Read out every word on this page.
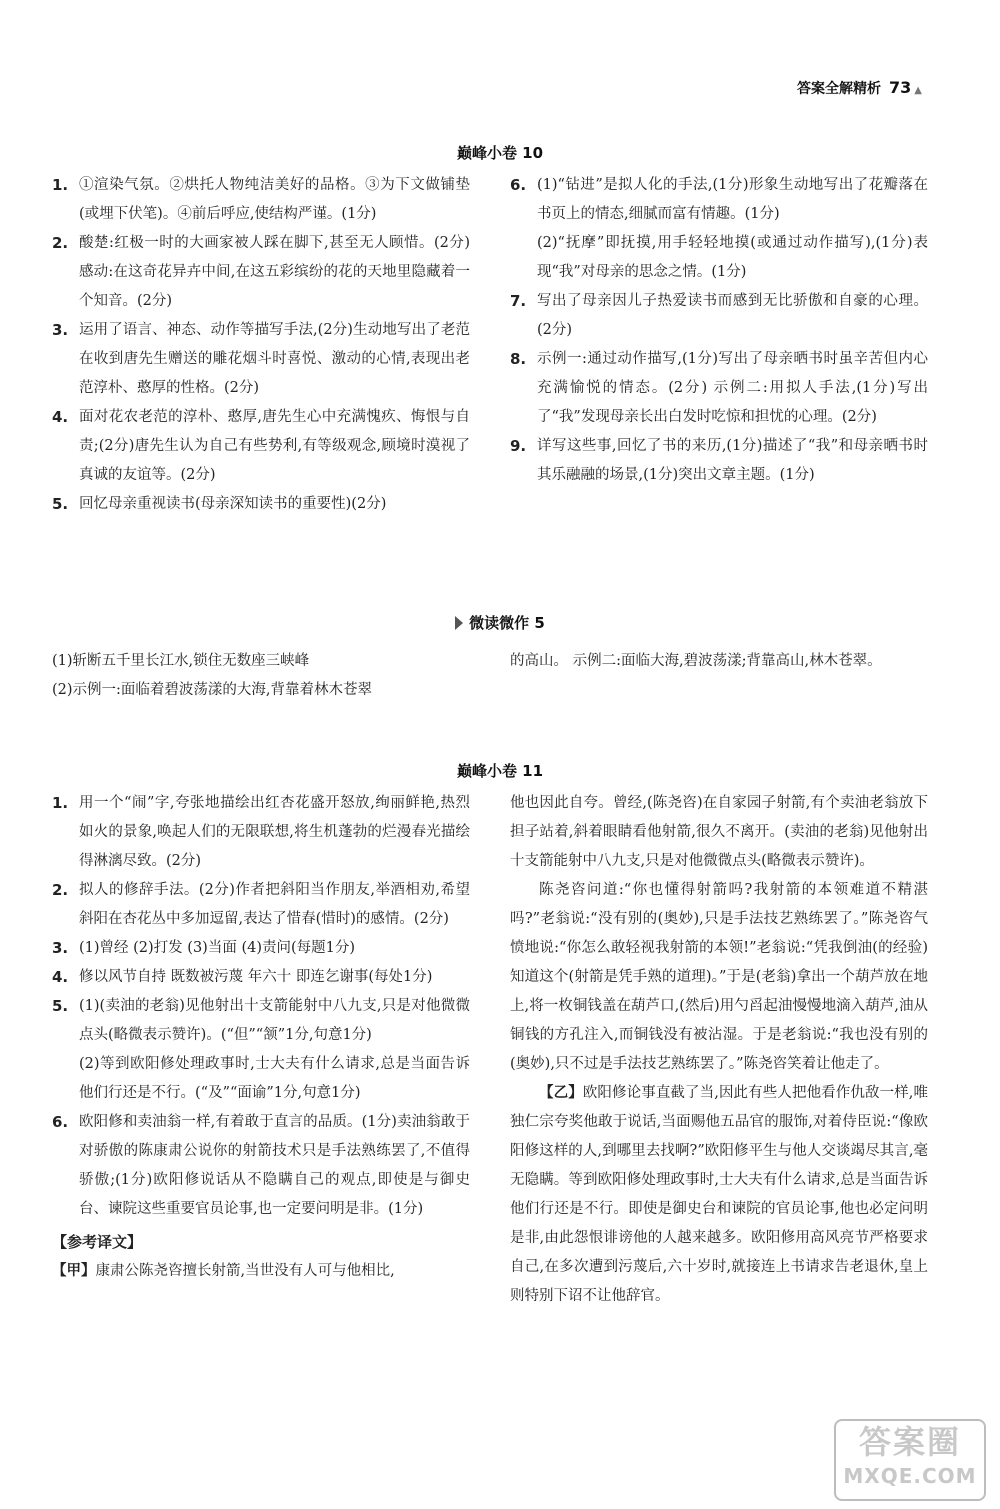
答案全解精析 73 ▲
巅峰小卷 10
1. ①渲染气氛。②烘托人物纯洁美好的品格。③为下文做铺垫(或埋下伏笔)。④前后呼应,使结构严谨。(1分)
2. 酸楚:红极一时的大画家被人踩在脚下,甚至无人顾惜。(2分)感动:在这奇花异卉中间,在这五彩缤纷的花的天地里隐藏着一个知音。(2分)
3. 运用了语言、神态、动作等描写手法,(2分)生动地写出了老范在收到唐先生赠送的雕花烟斗时喜悦、激动的心情,表现出老范淳朴、憨厚的性格。(2分)
4. 面对花农老范的淳朴、憨厚,唐先生心中充满愧疚、悔恨与自责;(2分)唐先生认为自己有些势利,有等级观念,顾境时漠视了真诚的友谊等。(2分)
5. 回忆母亲重视读书(母亲深知读书的重要性)(2分)
6. (1)“钻进”是拟人化的手法,(1分)形象生动地写出了花瓣落在书页上的情态,细腻而富有情趣。(1分)
(2)“抚摩”即抚摸,用手轻轻地摸(或通过动作描写),(1分)表现“我”对母亲的思念之情。(1分)
7. 写出了母亲因儿子热爱读书而感到无比骄傲和自豪的心理。(2分)
8. 示例一:通过动作描写,(1分)写出了母亲晒书时虽辛苦但内心充满愉悦的情态。(2分) 示例二:用拟人手法,(1分)写出了“我”发现母亲长出白发时吃惊和担忧的心理。(2分)
9. 详写这些事,回忆了书的来历,(1分)描述了“我”和母亲晒书时其乐融融的场景,(1分)突出文章主题。(1分)
微读微作 5
(1)斩断五千里长江水,锁住无数座三峡峰
(2)示例一:面临着碧波荡漾的大海,背靠着林木苍翠
的高山。 示例二:面临大海,碧波荡漾;背靠高山,林木苍翠。
巅峰小卷 11
1. 用一个“闹”字,夸张地描绘出红杏花盛开怒放,绚丽鲜艳,热烈如火的景象,唤起人们的无限联想,将生机蓬勃的烂漫春光描绘得淋漓尽致。(2分)
2. 拟人的修辞手法。(2分)作者把斜阳当作朋友,举酒相劝,希望斜阳在杏花丛中多加逗留,表达了惜春(惜时)的感情。(2分)
3. (1)曾经 (2)打发 (3)当面 (4)责问(每题1分)
4. 修以风节自持 既数被污蔑 年六十 即连乞谢事(每处1分)
5. (1)(卖油的老翁)见他射出十支箭能射中八九支,只是对他微微点头(略微表示赞许)。(“但”“颔”1分,句意1分)
(2)等到欧阳修处理政事时,士大夫有什么请求,总是当面告诉他们行还是不行。(“及”“面谕”1分,句意1分)
6. 欧阳修和卖油翁一样,有着敢于直言的品质。(1分)卖油翁敢于对骄傲的陈康肃公说你的射箭技术只是手法熟练罢了,不值得骄傲;(1分)欧阳修说话从不隐瞒自己的观点,即使是与御史台、谏院这些重要官员论事,也一定要问明是非。(1分)
【参考译文】
【甲】康肃公陈尧咨擅长射箭,当世没有人可与他相比,
他也因此自夸。曾经,(陈尧咨)在自家园子射箭,有个卖油老翁放下担子站着,斜着眼睛看他射箭,很久不离开。(卖油的老翁)见他射出十支箭能射中八九支,只是对他微微点头(略微表示赞许)。
陈尧咨问道:“你也懂得射箭吗?我射箭的本领难道不精湛吗?”老翁说:“没有别的(奥妙),只是手法技艺熟练罢了。”陈尧咨气愤地说:“你怎么敢轻视我射箭的本领!”老翁说:“凭我倒油(的经验)知道这个(射箭是凭手熟的道理)。”于是(老翁)拿出一个葫芦放在地上,将一枚铜钱盖在葫芦口,(然后)用勺舀起油慢慢地滴入葫芦,油从铜钱的方孔注入,而铜钱没有被沾湿。于是老翁说:“我也没有别的(奥妙),只不过是手法技艺熟练罢了。”陈尧咨笑着让他走了。
【乙】欧阳修论事直截了当,因此有些人把他看作仇敌一样,唯独仁宗夸奖他敢于说话,当面赐他五品官的服饰,对着侍臣说:“像欧阳修这样的人,到哪里去找啊?”欧阳修平生与他人交谈竭尽其言,毫无隐瞒。等到欧阳修处理政事时,士大夫有什么请求,总是当面告诉他们行还是不行。即使是御史台和谏院的官员论事,他也必定问明是非,由此怨恨诽谤他的人越来越多。欧阳修用高风亮节严格要求自己,在多次遭到污蔑后,六十岁时,就接连上书请求告老退休,皇上则特别下诏不让他辞官。
答案圈
MXQE.COM
